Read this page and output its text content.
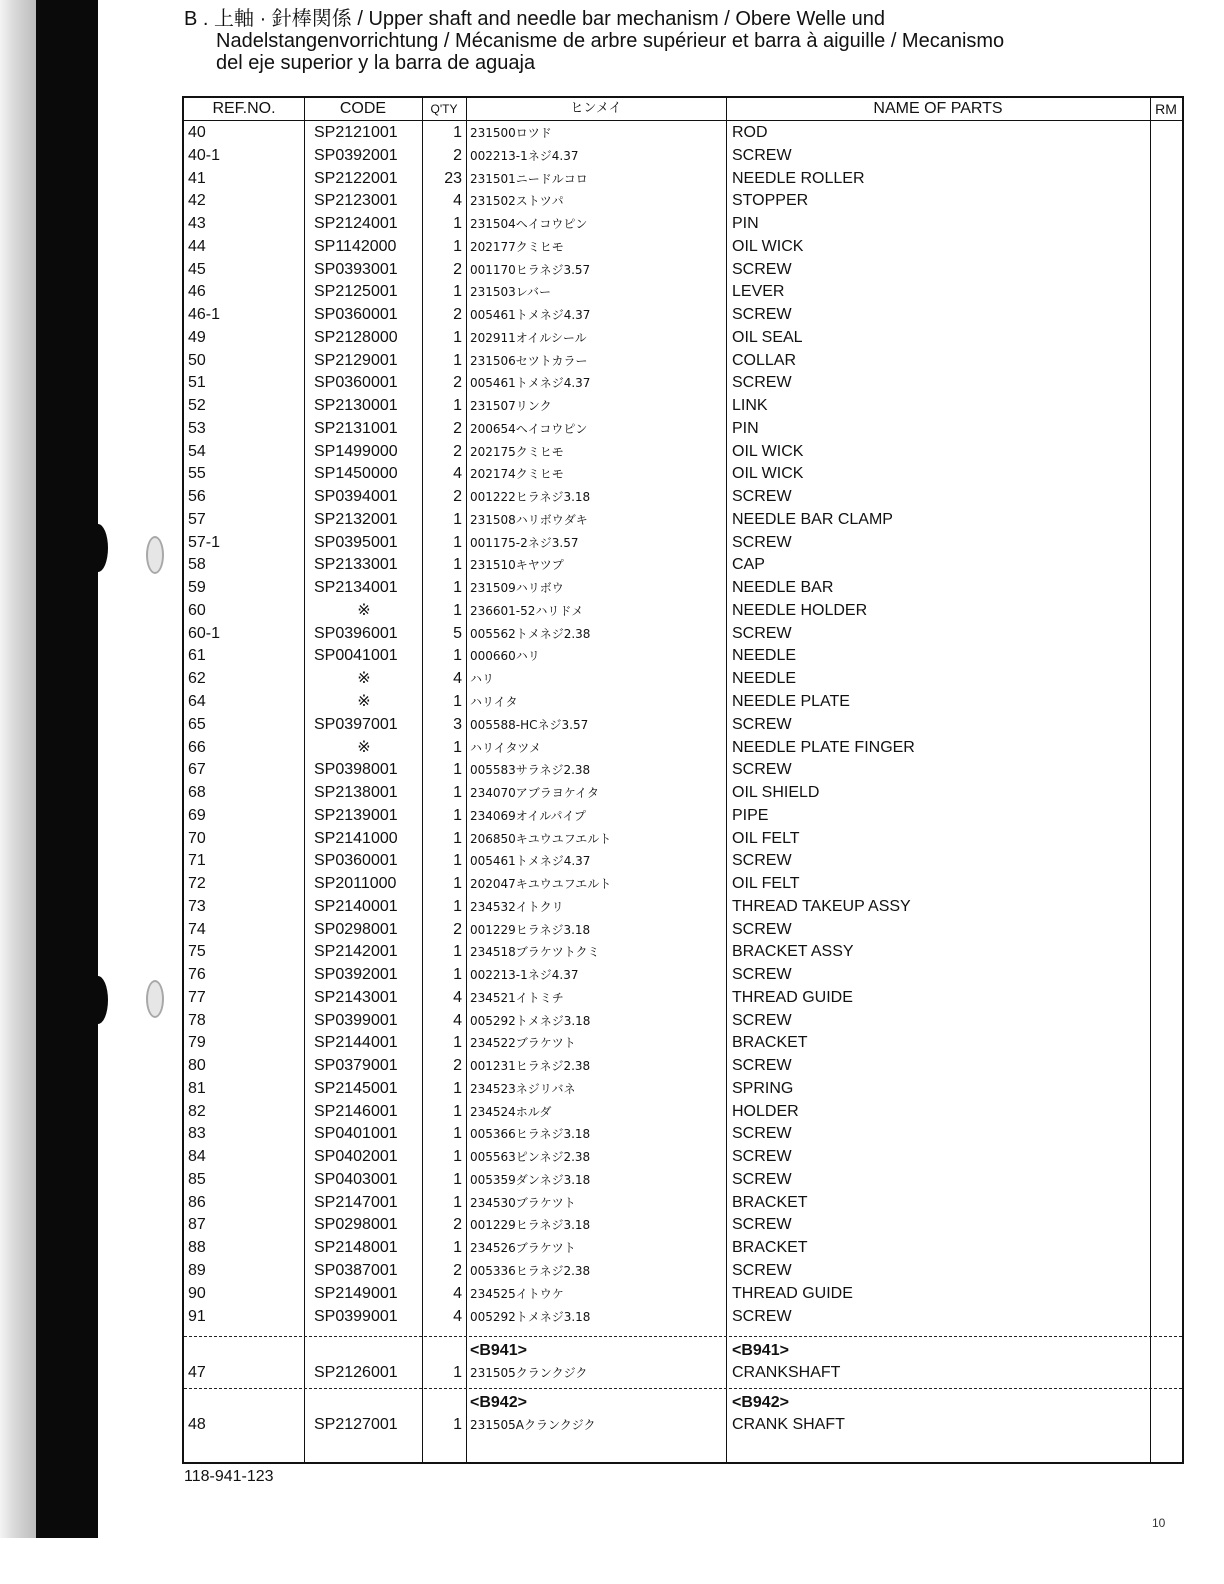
B . 上軸 · 針棒関係 / Upper shaft and needle bar mechanism / Obere Welle und
Nadelstangenvorrichtung / Mécanisme de arbre supérieur et barra à aiguille / Mecanismo
del eje superior y la barra de aguaja
REF.NO.	CODE	Q'TY	ヒンメイ	NAME OF PARTS	RM
40	SP2121001	1 231500ロツド	ROD
40-1	SP0392001	2 002213-1ネジ4.37	SCREW
41	SP2122001	23 231501ニードルコロ	NEEDLE ROLLER
42	SP2123001	4 231502ストツパ	STOPPER
43	SP2124001	1 231504ヘイコウピン	PIN
44	SP1142000	1 202177クミヒモ	OIL WICK
45	SP0393001	2 001170ヒラネジ3.57	SCREW
46	SP2125001	1 231503レバー	LEVER
46-1	SP0360001	2 005461トメネジ4.37	SCREW
49	SP2128000	1 202911オイルシール	OIL SEAL
50	SP2129001	1 231506セツトカラー	COLLAR
51	SP0360001	2 005461トメネジ4.37	SCREW
52	SP2130001	1 231507リンク	LINK
53	SP2131001	2 200654ヘイコウピン	PIN
54	SP1499000	2 202175クミヒモ	OIL WICK
55	SP1450000	4 202174クミヒモ	OIL WICK
56	SP0394001	2 001222ヒラネジ3.18	SCREW
57	SP2132001	1 231508ハリボウダキ	NEEDLE BAR CLAMP
57-1	SP0395001	1 001175-2ネジ3.57	SCREW
58	SP2133001	1 231510キヤツプ	CAP
59	SP2134001	1 231509ハリボウ	NEEDLE BAR
60	※	1 236601-52ハリドメ	NEEDLE HOLDER
60-1	SP0396001	5 005562トメネジ2.38	SCREW
61	SP0041001	1 000660ハリ	NEEDLE
62	※	4 ハリ	NEEDLE
64	※	1 ハリイタ	NEEDLE PLATE
65	SP0397001	3 005588-HCネジ3.57	SCREW
66	※	1 ハリイタツメ	NEEDLE PLATE FINGER
67	SP0398001	1 005583サラネジ2.38	SCREW
68	SP2138001	1 234070アブラヨケイタ	OIL SHIELD
69	SP2139001	1 234069オイルパイプ	PIPE
70	SP2141000	1 206850キユウユフエルト	OIL FELT
71	SP0360001	1 005461トメネジ4.37	SCREW
72	SP2011000	1 202047キユウユフエルト	OIL FELT
73	SP2140001	1 234532イトクリ	THREAD TAKEUP ASSY
74	SP0298001	2 001229ヒラネジ3.18	SCREW
75	SP2142001	1 234518ブラケツトクミ	BRACKET ASSY
76	SP0392001	1 002213-1ネジ4.37	SCREW
77	SP2143001	4 234521イトミチ	THREAD GUIDE
78	SP0399001	4 005292トメネジ3.18	SCREW
79	SP2144001	1 234522ブラケツト	BRACKET
80	SP0379001	2 001231ヒラネジ2.38	SCREW
81	SP2145001	1 234523ネジリバネ	SPRING
82	SP2146001	1 234524ホルダ	HOLDER
83	SP0401001	1 005366ヒラネジ3.18	SCREW
84	SP0402001	1 005563ピンネジ2.38	SCREW
85	SP0403001	1 005359ダンネジ3.18	SCREW
86	SP2147001	1 234530ブラケツト	BRACKET
87	SP0298001	2 001229ヒラネジ3.18	SCREW
88	SP2148001	1 234526ブラケツト	BRACKET
89	SP0387001	2 005336ヒラネジ2.38	SCREW
90	SP2149001	4 234525イトウケ	THREAD GUIDE
91	SP0399001	4 005292トメネジ3.18	SCREW
<B941>	<B941>
47	SP2126001	1 231505クランクジク	CRANKSHAFT
<B942>	<B942>
48	SP2127001	1 231505Aクランクジク	CRANK SHAFT
118-941-123
10
